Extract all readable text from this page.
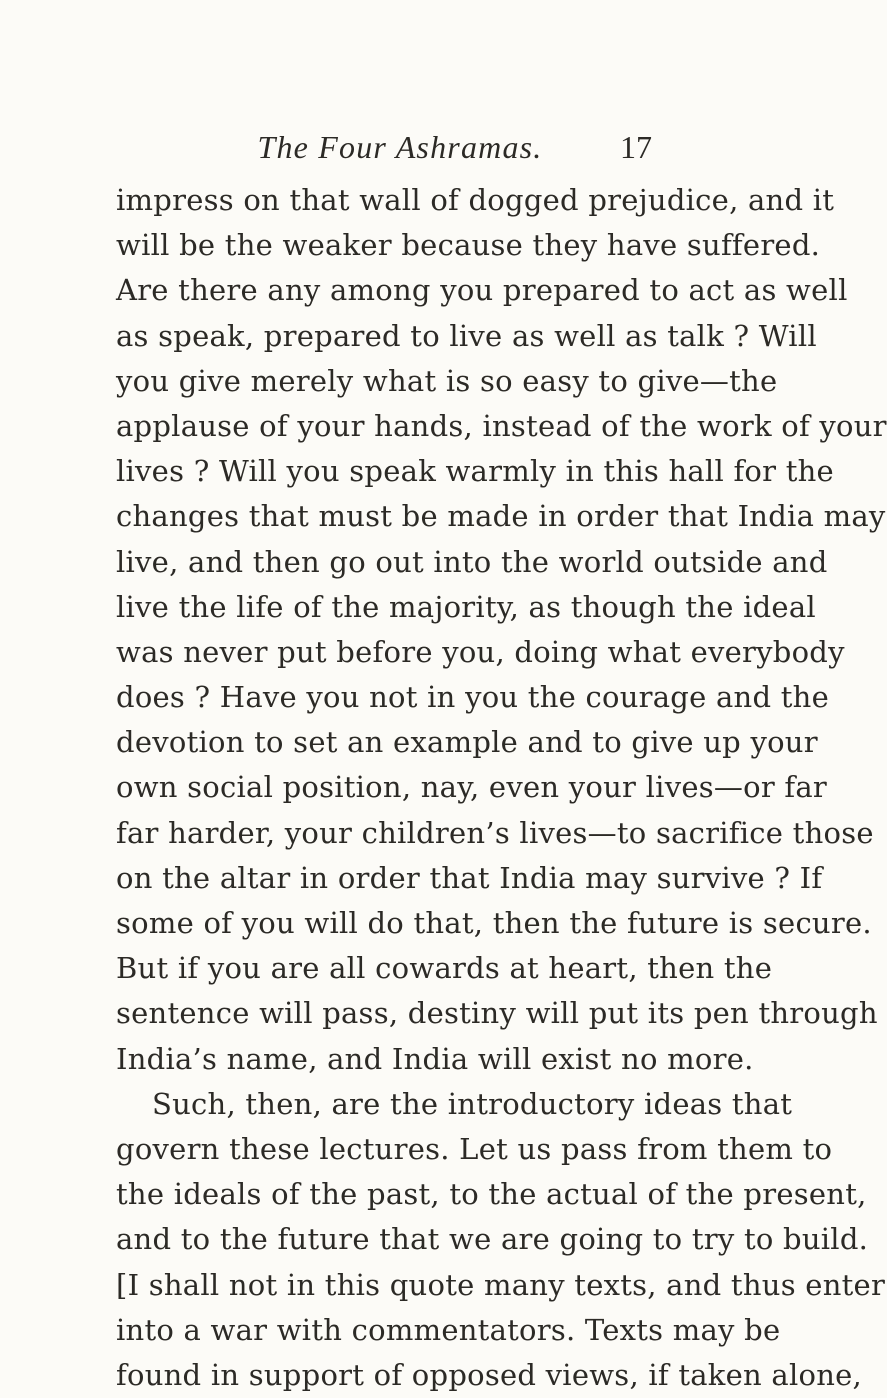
The Four Ashramas.	17
impress on that wall of dogged prejudice, and it
will be the weaker because they have suffered.
Are there any among you prepared to act as well
as speak, prepared to live as well as talk ? Will
you give merely what is so easy to give—the
applause of your hands, instead of the work of your
lives ? Will you speak warmly in this hall for the
changes that must be made in order that India may
live, and then go out into the world outside and
live the life of the majority, as though the ideal
was never put before you, doing what everybody
does ? Have you not in you the courage and the
devotion to set an example and to give up your
own social position, nay, even your lives—or far
far harder, your children’s lives—to sacrifice those
on the altar in order that India may survive ? If
some of you will do that, then the future is secure.
But if you are all cowards at heart, then the
sentence will pass, destiny will put its pen through
India’s name, and India will exist no more.
Such, then, are the introductory ideas that
govern these lectures. Let us pass from them to
the ideals of the past, to the actual of the present,
and to the future that we are going to try to build.
[I shall not in this quote many texts, and thus enter
into a war with commentators. Texts may be
found in support of opposed views, if taken alone,
